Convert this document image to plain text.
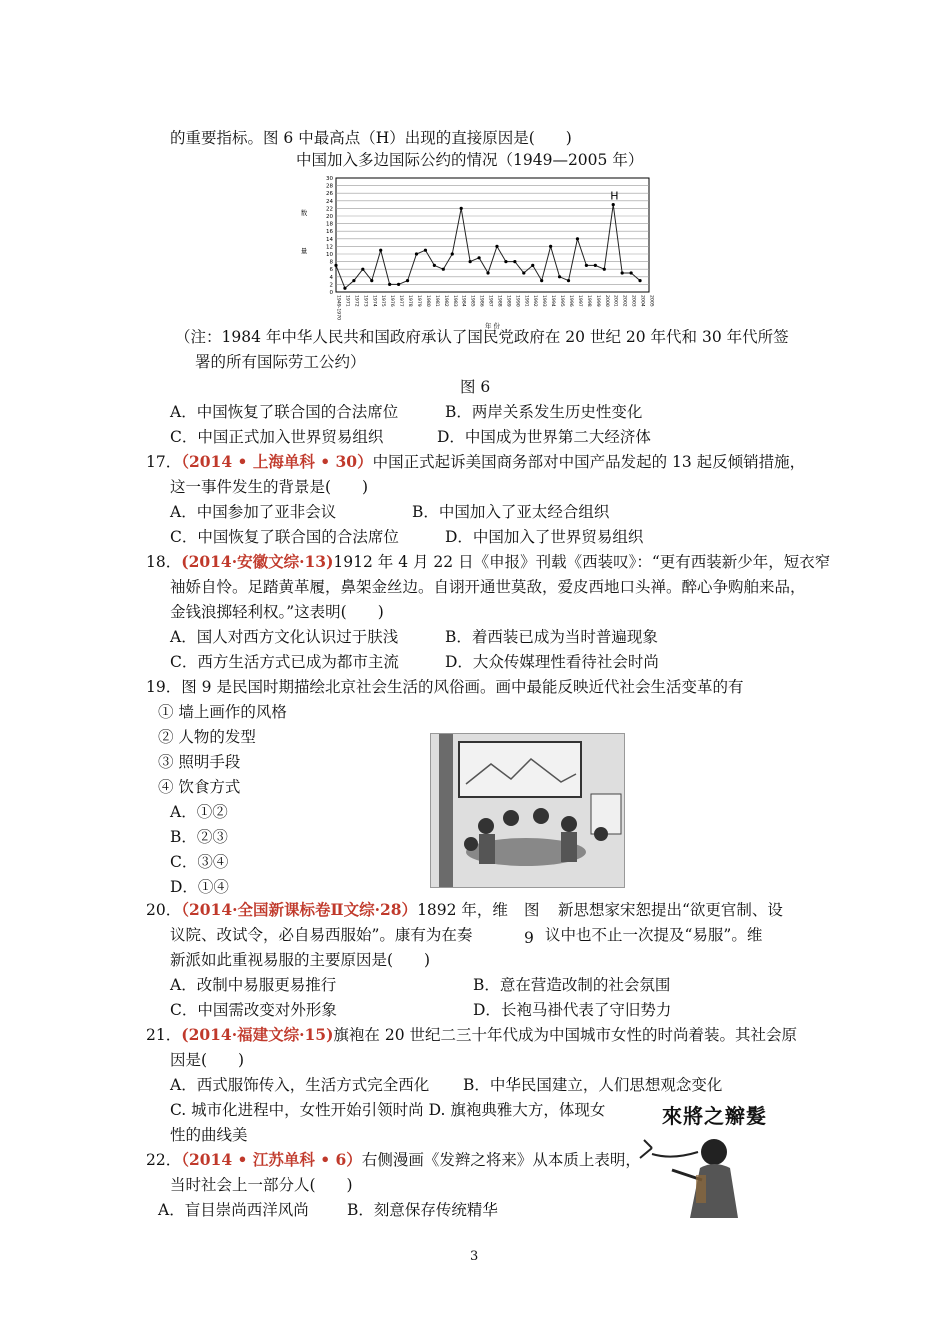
的重要指标。图 6 中最高点（H）出现的直接原因是(　　)
中国加入多边国际公约的情况（1949—2005 年）
0
2
4
6
8
10
12
14
16
18
20
22
24
26
28
30
数
量
1949-1970 1971 1972 1973 1974 1975 1976 1977 1978 1979 1980 1981 1982 1983 1984 1985 1986 1987 1988 1989 1990 1991 1992 1993 1994 1995 1996 1997 1998 1999 2000 2001 2002 2003 2004 2005
年 份
H
（注：1984 年中华人民共和国政府承认了国民党政府在 20 世纪 20 年代和 30 年代所签
署的所有国际劳工公约）
图 6
A．中国恢复了联合国的合法席位	B．两岸关系发生历史性变化
C．中国正式加入世界贸易组织	D．中国成为世界第二大经济体
17．（2014 • 上海单科 • 30）中国正式起诉美国商务部对中国产品发起的 13 起反倾销措施，
这一事件发生的背景是(　　)
A．中国参加了亚非会议	B．中国加入了亚太经合组织
C．中国恢复了联合国的合法席位	D．中国加入了世界贸易组织
18．(2014·安徽文综·13)1912 年 4 月 22 日《申报》刊载《西装叹》：“更有西装新少年，短衣窄
袖娇自怜。足踏黄革履，鼻架金丝边。自诩开通世莫敌，爱皮西地口头禅。醉心争购舶来品，
金钱浪掷轻利权。”这表明(　　)
A．国人对西方文化认识过于肤浅	B．着西装已成为当时普遍现象
C．西方生活方式已成为都市主流	D．大众传媒理性看待社会时尚
19．图 9 是民国时期描绘北京社会生活的风俗画。画中最能反映近代社会生活变革的有
① 墙上画作的风格
② 人物的发型
③ 照明手段
④ 饮食方式
A．①②
B．②③
C．③④
D．①④
20．（2014·全国新课标卷Ⅱ文综·28）1892 年，维 图 新思想家宋恕提出“欲更官制、设
议院、改试令，必自易西服始”。康有为在奏	9 议中也不止一次提及“易服”。维
新派如此重视易服的主要原因是(　　)
A．改制中易服更易推行	B．意在营造改制的社会氛围
C．中国需改变对外形象	D．长袍马褂代表了守旧势力
21．(2014·福建文综·15)旗袍在 20 世纪二三十年代成为中国城市女性的时尚着装。其社会原
因是(　　)
A．西式服饰传入，生活方式完全西化 B．中华民国建立，人们思想观念变化
C. 城市化进程中，女性开始引领时尚 D. 旗袍典雅大方，体现女
性的曲线美
22．（2014 • 江苏单科 • 6）右侧漫画《发辫之将来》从本质上表明，
当时社会上一部分人(　　)
A．盲目崇尚西洋风尚 B．刻意保存传统精华
來將之辮髮
3
